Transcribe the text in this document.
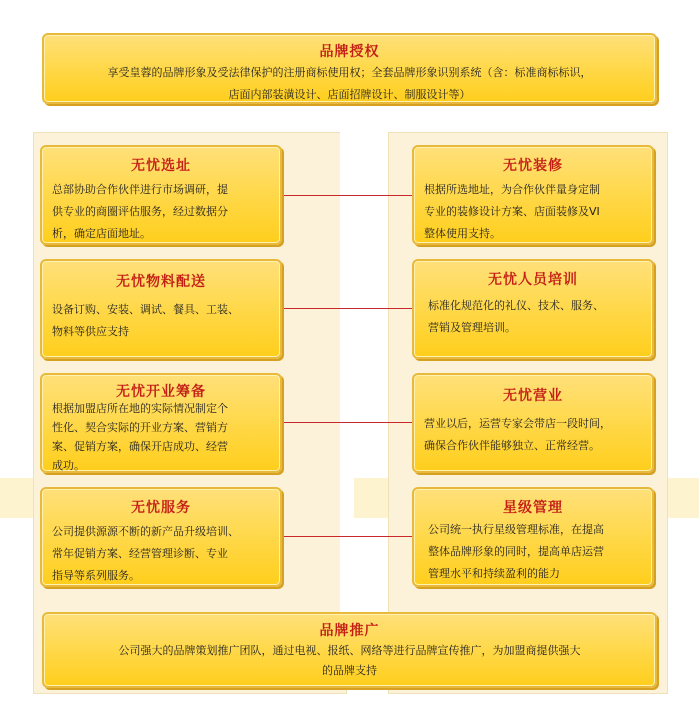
品牌授权
享受皇蓉的品牌形象及受法律保护的注册商标使用权；全套品牌形象识别系统（含：标准商标标识，
店面内部装潢设计、店面招牌设计、制服设计等）
无忧选址
总部协助合作伙伴进行市场调研，提
供专业的商圈评估服务，经过数据分
析，确定店面地址。
无忧物料配送
设备订购、安装、调试、餐具、工装、
物料等供应支持
无忧开业筹备
根据加盟店所在地的实际情况制定个
性化、契合实际的开业方案、营销方
案、促销方案，确保开店成功、经营
成功。
无忧服务
公司提供源源不断的新产品升级培训、
常年促销方案、经营管理诊断、专业
指导等系列服务。
无忧装修
根据所选地址，为合作伙伴量身定制
专业的装修设计方案、店面装修及VI
整体使用支持。
无忧人员培训
标准化规范化的礼仪、技术、服务、
营销及管理培训。
无忧营业
营业以后，运营专家会带店一段时间，
确保合作伙伴能够独立、正常经营。
星级管理
公司统一执行星级管理标准，在提高
整体品牌形象的同时，提高单店运营
管理水平和持续盈利的能力
品牌推广
公司强大的品牌策划推广团队，通过电视、报纸、网络等进行品牌宣传推广，为加盟商提供强大
的品牌支持
